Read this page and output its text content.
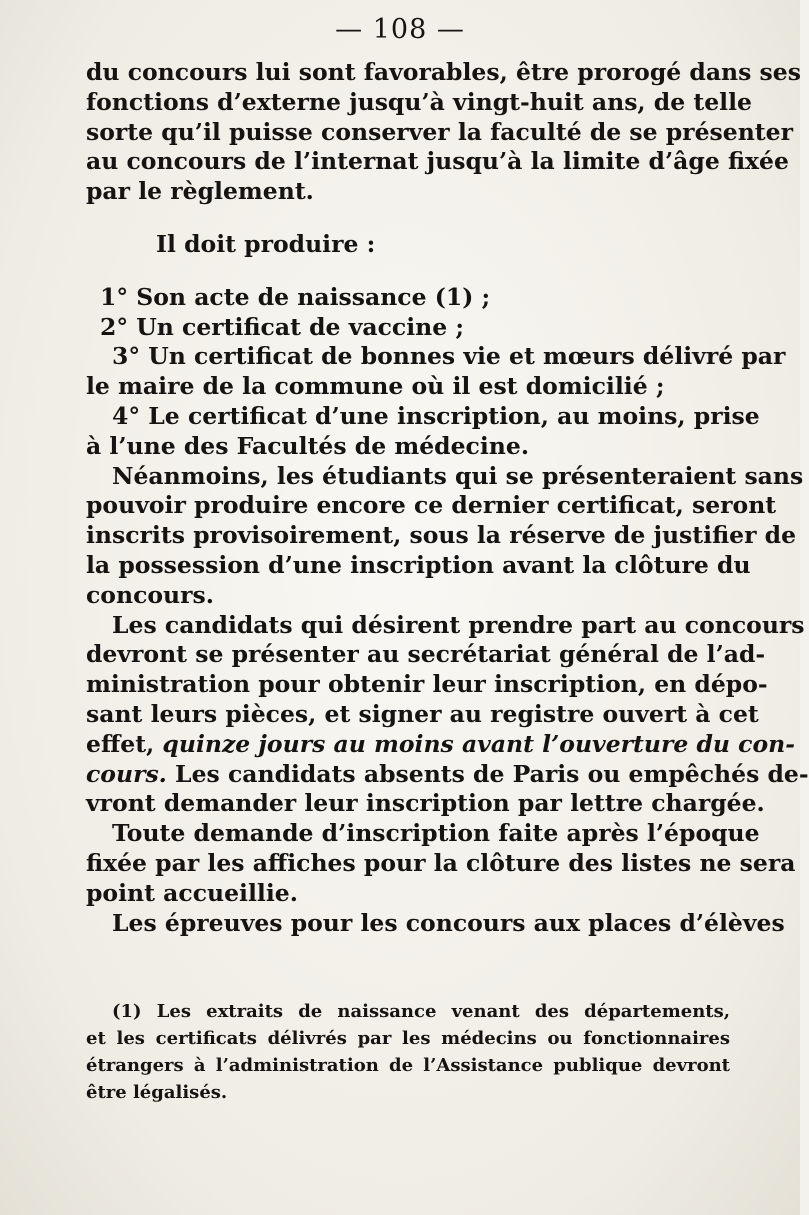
— 108 —
du concours lui sont favorables, être prorogé dans ses
fonctions d’externe jusqu’à vingt-huit ans, de telle
sorte qu’il puisse conserver la faculté de se présenter
au concours de l’internat jusqu’à la limite d’âge fixée
par le règlement.
Il doit produire :
1° Son acte de naissance (1) ;
2° Un certificat de vaccine ;
3° Un certificat de bonnes vie et mœurs délivré par
le maire de la commune où il est domicilié ;
4° Le certificat d’une inscription, au moins, prise
à l’une des Facultés de médecine.
Néanmoins, les étudiants qui se présenteraient sans
pouvoir produire encore ce dernier certificat, seront
inscrits provisoirement, sous la réserve de justifier de
la possession d’une inscription avant la clôture du
concours.
Les candidats qui désirent prendre part au concours
devront se présenter au secrétariat général de l’ad-
ministration pour obtenir leur inscription, en dépo-
sant leurs pièces, et signer au registre ouvert à cet
effet, quinze jours au moins avant l’ouverture du con-
cours. Les candidats absents de Paris ou empêchés de-
vront demander leur inscription par lettre chargée.
Toute demande d’inscription faite après l’époque
fixée par les affiches pour la clôture des listes ne sera
point accueillie.
Les épreuves pour les concours aux places d’élèves
(1) Les extraits de naissance venant des départements,
et les certificats délivrés par les médecins ou fonctionnaires
étrangers à l’administration de l’Assistance publique devront
être légalisés.
